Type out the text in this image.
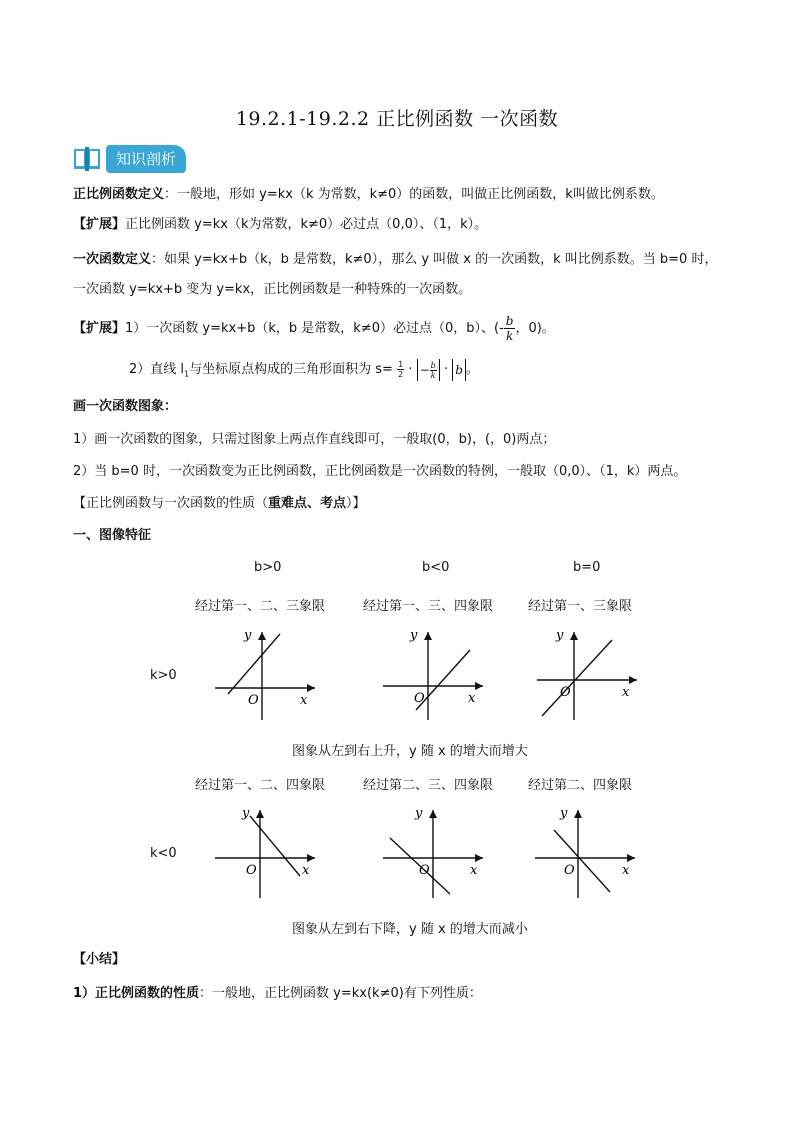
19.2.1-19.2.2 正比例函数 一次函数
知识剖析
正比例函数定义：一般地，形如 y=kx（k 为常数，k≠0）的函数，叫做正比例函数，k叫做比例系数。
【扩展】正比例函数 y=kx（k为常数，k≠0）必过点（0,0）、（1，k）。
一次函数定义：如果 y=kx+b（k，b 是常数，k≠0），那么 y 叫做 x 的一次函数，k 叫比例系数。当 b=0 时，
一次函数 y=kx+b 变为 y=kx，正比例函数是一种特殊的一次函数。
【扩展】1）一次函数 y=kx+b（k，b 是常数，k≠0）必过点（0，b）、(- $\frac{b}{k}$ ，0)。
2）直线 $l_1$与坐标原点构成的三角形面积为 $s= \frac{1}{2}$ · − $\frac{b}{k} \cdot b$ 。
画一次函数图象：
1）画一次函数的图象，只需过图象上两点作直线即可，一般取(0，b)，(，0)两点；
2）当 b=0 时，一次函数变为正比例函数，正比例函数是一次函数的特例，一般取（0,0）、（1，k）两点。
【正比例函数与一次函数的性质（重难点、考点）】
一、图像特征
b>0	b<0	b=0
经过第一、二、三象限	经过第一、三、四象限	经过第一、三象限
k>0
y
x
O
y
x
O
y
x
O
图象从左到右上升，y 随 x 的增大而增大
经过第一、二、四象限	经过第二、三、四象限	经过第二、四象限
k<0
y
x
O
y
x
O
y
x
O
图象从左到右下降，y 随 x 的增大而减小
【小结】
1）正比例函数的性质：一般地，正比例函数 y=kx(k≠0)有下列性质：
